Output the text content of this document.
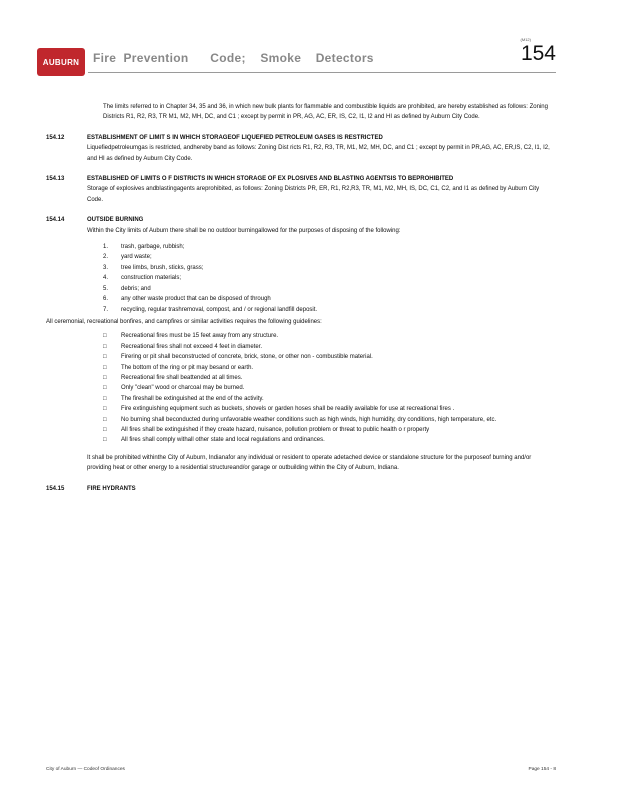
AUBURN Fire  Prevention      Code;    Smoke    Detectors
(M12)
154
The limits referred to in Chapter 34, 35 and 36, in which new bulk plants for flammable and combustible liquids are prohibited, are hereby established as follows: Zoning Districts R1, R2, R3, TR M1, M2, MH, DC, and C1 ; except by permit in PR, AG, AC, ER, IS, C2, I1, I2 and HI as defined by Auburn City Code.
154.12	ESTABLISHMENT OF LIMIT S IN WHICH STORAGEOF LIQUEFIED PETROLEUM GASES IS RESTRICTED
Liquefiedpetroleumgas is restricted, andhereby band as follows: Zoning Dist ricts R1, R2, R3, TR, M1, M2, MH, DC, and C1 ; except by permit in PR,AG, AC, ER,IS, C2, I1, I2, and HI as defined by Auburn City Code.
154.13	ESTABLISHED OF LIMITS O F DISTRICTS IN WHICH STORAGE OF EX PLOSIVES AND BLASTING AGENTSIS TO BEPROHIBITED
Storage of explosives andblastingagents areprohibited, as follows: Zoning Districts PR, ER, R1, R2,R3, TR, M1, M2, MH, IS, DC, C1, C2, and I1 as defined by Auburn City Code.
154.14	OUTSIDE BURNING
Within the City limits of Auburn there shall be no outdoor burningallowed for the purposes of disposing of the following:
1. trash, garbage, rubbish;
2. yard waste;
3. tree limbs, brush, sticks, grass;
4. construction materials;
5. debris; and
6. any other waste product that can be disposed of through
7. recycling, regular trashremoval, compost, and / or regional landfill deposit.
All ceremonial, recreational bonfires, and campfires or similar activities requires the following guidelines:
□ Recreational fires must be 15 feet away from any structure.
□ Recreational fires shall not exceed 4 feet in diameter.
□ Firering or pit shall beconstructed of concrete, brick, stone, or other non - combustible material.
□ The bottom of the ring or pit may besand or earth.
□ Recreational fire shall beattended at all times.
□ Only "clean" wood or charcoal may be burned.
□ The fireshall be extinguished at the end of the activity.
□ Fire extinguishing equipment such as buckets, shovels or garden hoses shall be readily available for use at recreational fires .
□ No burning shall beconducted during unfavorable weather conditions such as high winds, high humidity, dry conditions, high temperature, etc.
□ All fires shall be extinguished if they create hazard, nuisance, pollution problem or threat to public health o r property
□ All fires shall comply withall other state and local regulations and ordinances.
It shall be prohibited withinthe City of Auburn, Indianafor any individual or resident to operate adetached device or standalone structure for the purposeof burning and/or providing heat or other energy to a residential structureand/or garage or outbuilding within the City of Auburn, Indiana.
154.15	FIRE HYDRANTS
City of Auburn — Codeof Ordinances	Page 154 - 8
